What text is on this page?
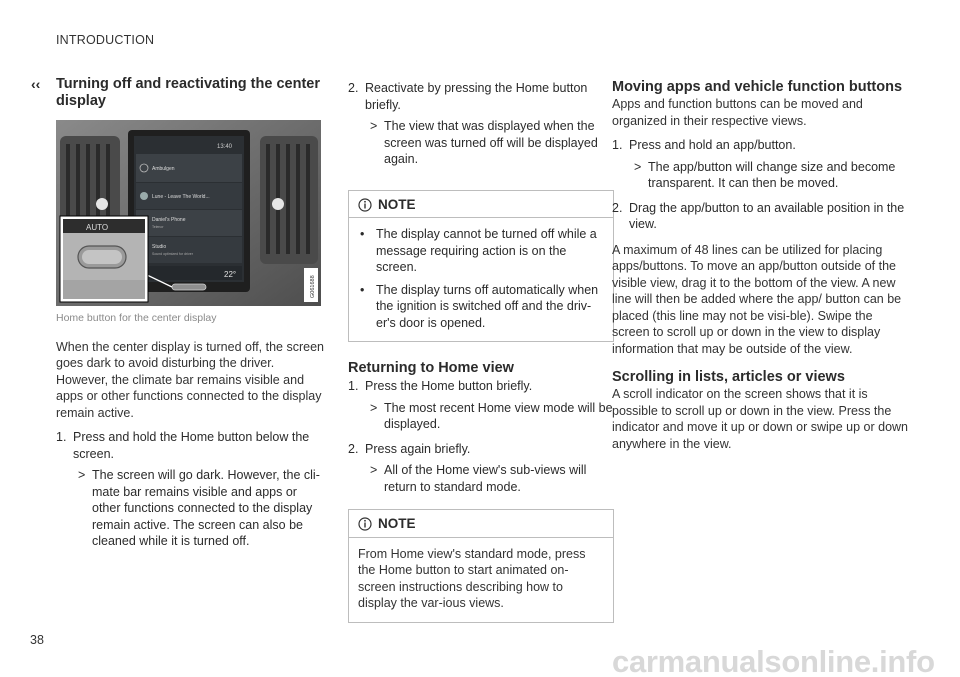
INTRODUCTION
‹‹ Turning off and reactivating the center display
13:40
Ambulgen
Lune - Leave The World...
Daniel's Phone
Telenor
Studio
Sound optimized for driver
22°
AUTO
G061688
Home button for the center display

When the center display is turned off, the screen goes dark to avoid disturbing the driver. However, the climate bar remains visible and apps or other functions connected to the display remain active.

1. Press and hold the Home button below the screen.
> The screen will go dark. However, the cli-mate bar remains visible and apps or other functions connected to the display remain active. The screen can also be cleaned while it is turned off.
2. Reactivate by pressing the Home button briefly.
> The view that was displayed when the screen was turned off will be displayed again.
NOTE
• The display cannot be turned off while a message requiring action is on the screen.
• The display turns off automatically when the ignition is switched off and the driv-er's door is opened.
Returning to Home view
1. Press the Home button briefly.
> The most recent Home view mode will be displayed.
2. Press again briefly.
> All of the Home view's sub-views will return to standard mode.
NOTE

From Home view's standard mode, press the Home button to start animated on-screen instructions describing how to display the var-ious views.

Moving apps and vehicle function buttons

Apps and function buttons can be moved and organized in their respective views.

1. Press and hold an app/button.
> The app/button will change size and become transparent. It can then be moved.
2. Drag the app/button to an available position in the view.

A maximum of 48 lines can be utilized for placing apps/buttons. To move an app/button outside of the visible view, drag it to the bottom of the view. A new line will then be added where the app/ button can be placed (this line may not be visi-ble). Swipe the screen to scroll up or down in the view to display information that may be outside of the view.

Scrolling in lists, articles or views

A scroll indicator on the screen shows that it is possible to scroll up or down in the view. Press the indicator and move it up or down or swipe up or down anywhere in the view.

38
carmanualsonline.info
